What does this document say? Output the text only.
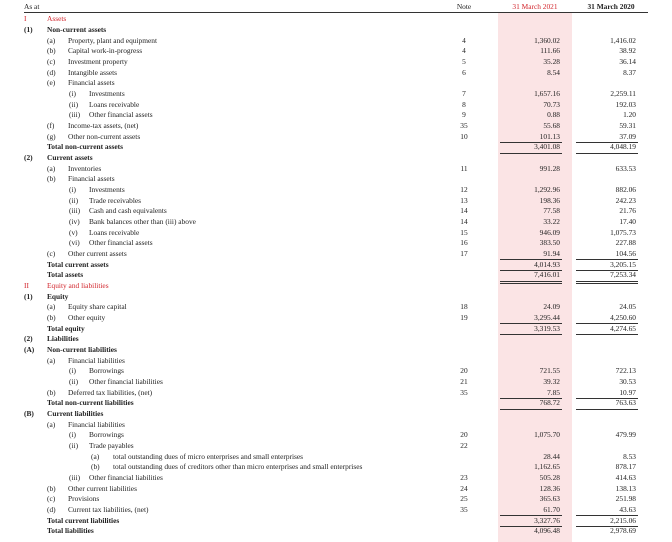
As at	Note	31 March 2021	31 March 2020
I	Assets
(1) Non-current assets
(a) Property, plant and equipment	4	1,360.02	1,416.02
(b) Capital work-in-progress	4	111.66	38.92
(c) Investment property	5	35.28	36.14
(d) Intangible assets	6	8.54	8.37
(e) Financial assets
(i) Investments	7	1,657.16	2,259.11
(ii) Loans receivable	8	70.73	192.03
(iii) Other financial assets	9	0.88	1.20
(f) Income-tax assets, (net)	35	55.68	59.31
(g) Other non-current assets	10	101.13	37.09
Total non-current assets	3,401.08	4,048.19
(2) Current assets
(a) Inventories	11	991.28	633.53
(b) Financial assets
(i) Investments	12	1,292.96	882.06
(ii) Trade receivables	13	198.36	242.23
(iii) Cash and cash equivalents	14	77.58	21.76
(iv) Bank balances other than (iii) above	14	33.22	17.40
(v) Loans receivable	15	946.09	1,075.73
(vi) Other financial assets	16	383.50	227.88
(c) Other current assets	17	91.94	104.56
Total current assets	4,014.93	3,205.15
Total assets	7,416.01	7,253.34
II Equity and liabilities
(1) Equity
(a) Equity share capital	18	24.09	24.05
(b) Other equity	19	3,295.44	4,250.60
Total equity	3,319.53	4,274.65
(2) Liabilities
(A) Non-current liabilities
(a) Financial liabilities
(i) Borrowings	20	721.55	722.13
(ii) Other financial liabilities	21	39.32	30.53
(b) Deferred tax liabilities, (net)	35	7.85	10.97
Total non-current liabilities	768.72	763.63
(B) Current liabilities
(a) Financial liabilities
(i) Borrowings	20	1,075.70	479.99
(ii) Trade payables	22
(a) total outstanding dues of micro enterprises and small enterprises	28.44	8.53
(b) total outstanding dues of creditors other than micro enterprises and small enterprises	1,162.65	878.17
(iii) Other financial liabilities	23	505.28	414.63
(b) Other current liabilities	24	128.36	138.13
(c) Provisions	25	365.63	251.98
(d) Current tax liabilities, (net)	35	61.70	43.63
Total current liabilities	3,327.76	2,215.06
Total liabilities	4,096.48	2,978.69
